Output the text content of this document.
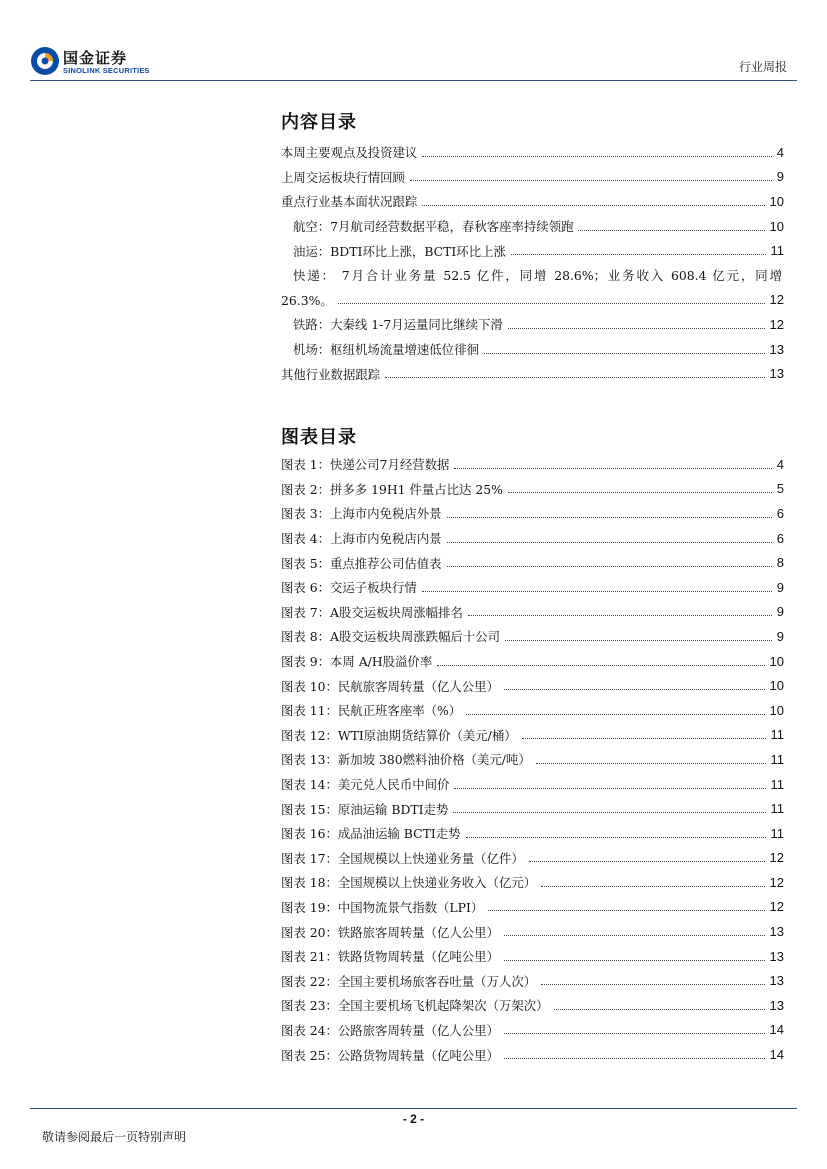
国金证券
SINOLINK SECURITIES	行业周报
内容目录
本周主要观点及投资建议	4
上周交运板块行情回顾	9
重点行业基本面状况跟踪	10
航空：7月航司经营数据平稳，春秋客座率持续领跑	10
油运：BDTI环比上涨，BCTI环比上涨	11
快递： 7月合计业务量 52.5 亿件，同增 28.6%；业务收入 608.4 亿元，同增
26.3%。	12
铁路：大秦线 1-7月运量同比继续下滑	12
机场：枢纽机场流量增速低位徘徊	13
其他行业数据跟踪	13
图表目录
图表 1：快递公司7月经营数据	4
图表 2：拼多多 19H1 件量占比达 25%	5
图表 3：上海市内免税店外景	6
图表 4：上海市内免税店内景	6
图表 5：重点推荐公司估值表	8
图表 6：交运子板块行情	9
图表 7：A股交运板块周涨幅排名	9
图表 8：A股交运板块周涨跌幅后十公司	9
图表 9：本周 A/H股溢价率	10
图表 10：民航旅客周转量（亿人公里）	10
图表 11：民航正班客座率（%）	10
图表 12：WTI原油期货结算价（美元/桶）	11
图表 13：新加坡 380燃料油价格（美元/吨）	11
图表 14：美元兑人民币中间价	11
图表 15：原油运输 BDTI走势	11
图表 16：成品油运输 BCTI走势	11
图表 17：全国规模以上快递业务量（亿件）	12
图表 18：全国规模以上快递业务收入（亿元）	12
图表 19：中国物流景气指数（LPI）	12
图表 20：铁路旅客周转量（亿人公里）	13
图表 21：铁路货物周转量（亿吨公里）	13
图表 22：全国主要机场旅客吞吐量（万人次）	13
图表 23：全国主要机场飞机起降架次（万架次）	13
图表 24：公路旅客周转量（亿人公里）	14
图表 25：公路货物周转量（亿吨公里）	14
- 2 -
敬请参阅最后一页特别声明
